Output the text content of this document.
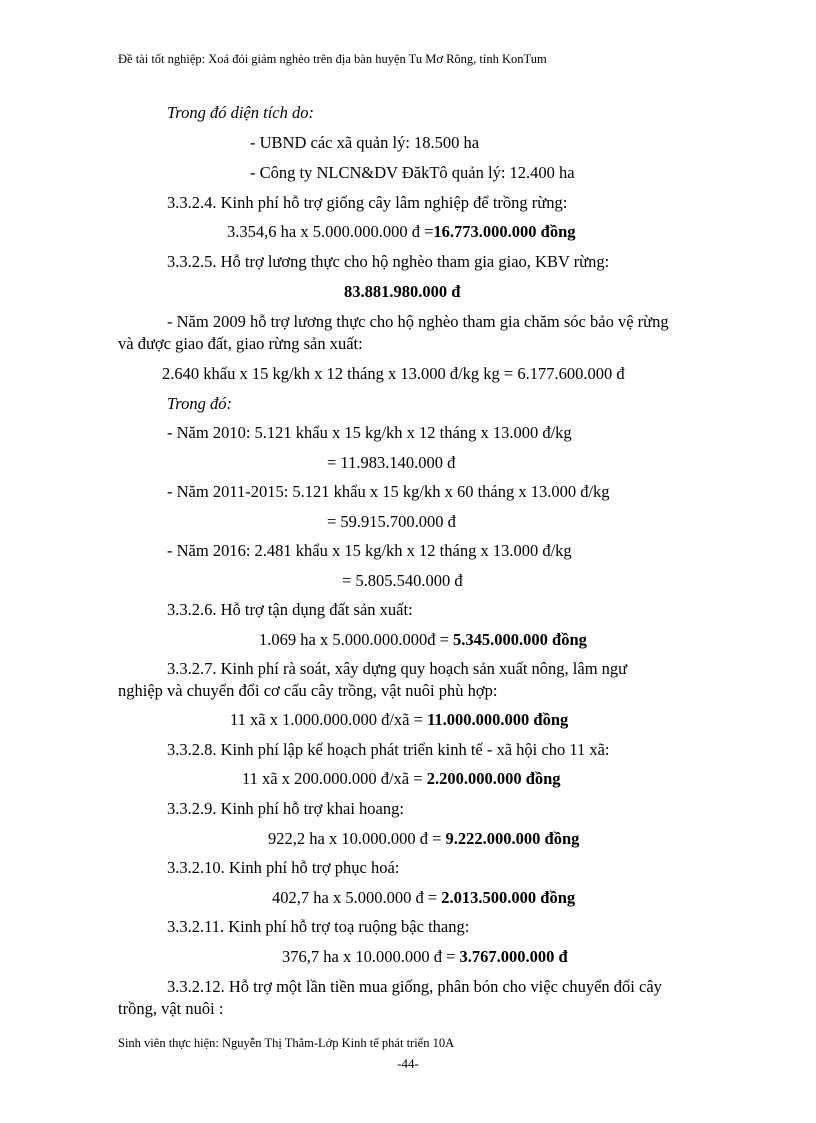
Đề tài tốt nghiệp: Xoá đói giảm nghèo trên địa bàn huyện Tu Mơ Rông, tỉnh KonTum
Trong đó diện tích do:
- UBND các xã quản lý: 18.500 ha
- Công ty NLCN&DV ĐăkTô quản lý: 12.400 ha
3.3.2.4. Kinh phí hỗ trợ giống cây lâm nghiệp để trồng rừng:
3.354,6 ha x 5.000.000.000 đ =16.773.000.000 đồng
3.3.2.5. Hỗ trợ lương thực cho hộ nghèo tham gia giao, KBV rừng:
83.881.980.000 đ
- Năm 2009 hỗ trợ lương thực cho hộ nghèo tham gia chăm sóc bảo vệ rừng
và được giao đất, giao rừng sản xuất:
2.640 khẩu x 15 kg/kh x 12 tháng x 13.000 đ/kg kg = 6.177.600.000 đ
Trong đó:
- Năm 2010: 5.121 khẩu x 15 kg/kh x 12 tháng x 13.000 đ/kg
= 11.983.140.000 đ
- Năm 2011-2015: 5.121 khẩu x 15 kg/kh x 60 tháng x 13.000 đ/kg
= 59.915.700.000 đ
- Năm 2016: 2.481 khẩu x 15 kg/kh x 12 tháng x 13.000 đ/kg
= 5.805.540.000 đ
3.3.2.6. Hỗ trợ tận dụng đất sản xuất:
1.069 ha x 5.000.000.000đ = 5.345.000.000 đồng
3.3.2.7. Kinh phí rà soát, xây dựng quy hoạch sản xuất nông, lâm ngư
nghiệp và chuyển đổi cơ cấu cây trồng, vật nuôi phù hợp:
11 xã x 1.000.000.000 đ/xã = 11.000.000.000 đồng
3.3.2.8. Kinh phí lập kế hoạch phát triển kinh tế - xã hội cho 11 xã:
11 xã x 200.000.000 đ/xã = 2.200.000.000 đồng
3.3.2.9. Kinh phí hỗ trợ khai hoang:
922,2 ha x 10.000.000 đ = 9.222.000.000 đồng
3.3.2.10. Kinh phí hỗ trợ phục hoá:
402,7 ha x 5.000.000 đ = 2.013.500.000 đồng
3.3.2.11. Kinh phí hỗ trợ toạ ruộng bậc thang:
376,7 ha x 10.000.000 đ = 3.767.000.000 đ
3.3.2.12. Hỗ trợ một lần tiền mua giống, phân bón cho việc chuyển đổi cây
trồng, vật nuôi :
Sinh viên thực hiện: Nguyễn Thị Thắm-Lớp Kinh tế phát triển 10A
-44-
